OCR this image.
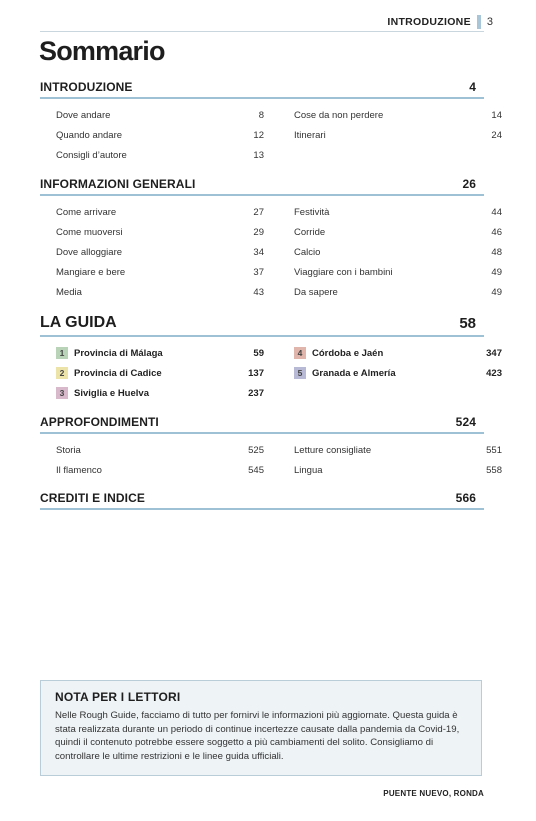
INTRODUZIONE 3
Sommario
INTRODUZIONE	4
Dove andare	8
Quando andare	12
Consigli d’autore	13
Cose da non perdere	14
Itinerari	24
INFORMAZIONI GENERALI	26
Come arrivare	27
Come muoversi	29
Dove alloggiare	34
Mangiare e bere	37
Media	43
Festività	44
Corride	46
Calcio	48
Viaggiare con i bambini	49
Da sapere	49
LA GUIDA	58
1	Provincia di Málaga	59
2	Provincia di Cadice	137
3	Siviglia e Huelva	237
4	Córdoba e Jaén	347
5	Granada e Almería	423
APPROFONDIMENTI	524
Storia	525
Il flamenco	545
Letture consigliate	551
Lingua	558
CREDITI E INDICE	566
NOTA PER I LETTORI
Nelle Rough Guide, facciamo di tutto per fornirvi le informazioni più aggiornate. Questa guida è stata realizzata durante un periodo di continue incertezze causate dalla pandemia da Covid-19, quindi il contenuto potrebbe essere soggetto a più cambiamenti del solito. Consigliamo di controllare le ultime restrizioni e le linee guida ufficiali.
PUENTE NUEVO, RONDA
